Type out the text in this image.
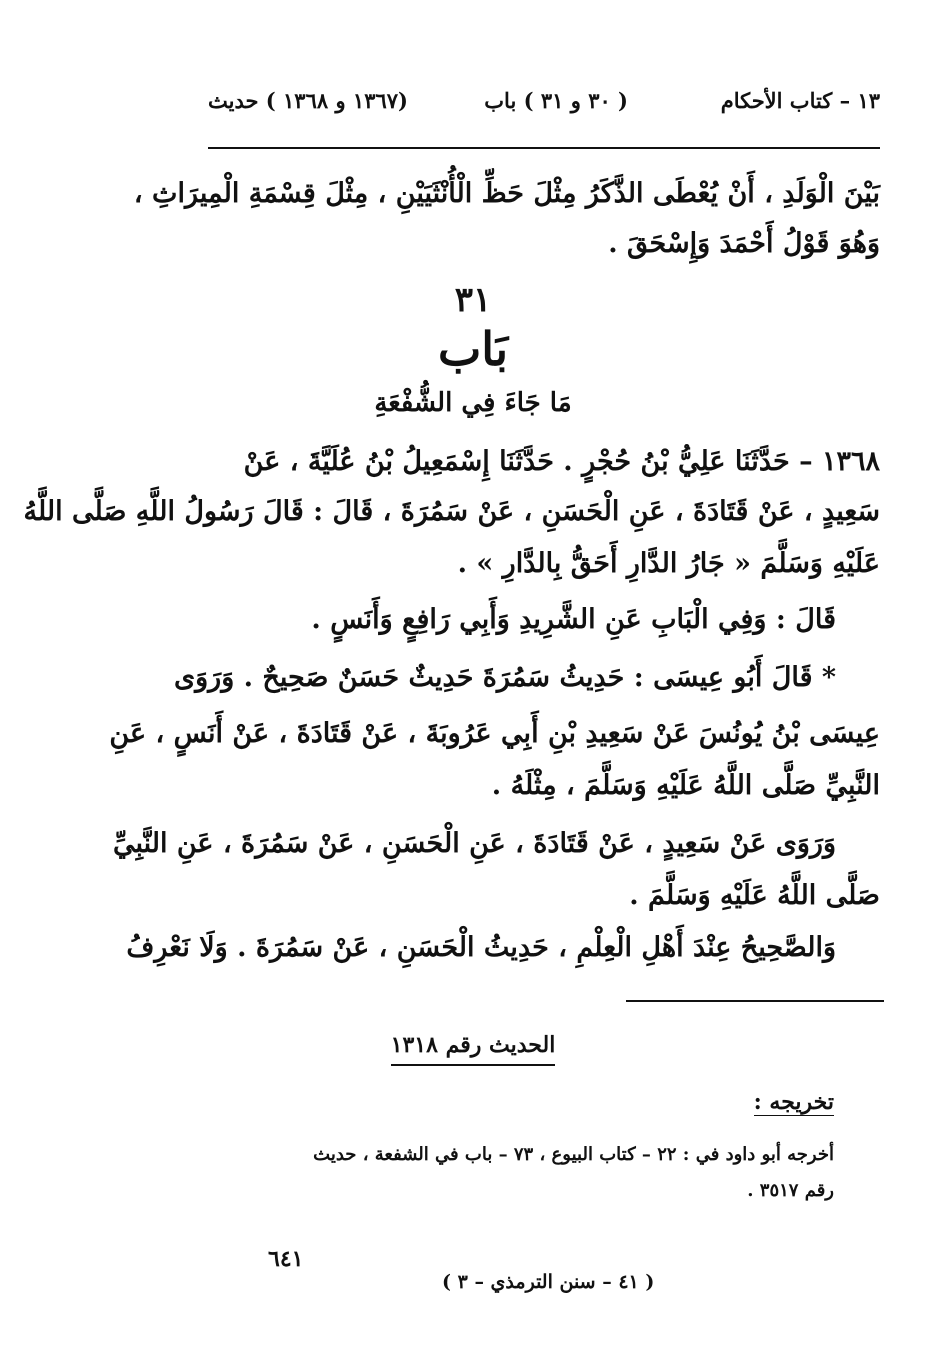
١٣ – كتاب الأحكام
( ٣٠ و ٣١ ) باب
(١٣٦٧ و ١٣٦٨ ) حديث
بَيْنَ الْوَلَدِ ، أَنْ يُعْطَى الذَّكَرُ مِثْلَ حَظِّ الْأُنْثَيَيْنِ ، مِثْلَ قِسْمَةِ الْمِيرَاثِ ،
وَهُوَ قَوْلُ أَحْمَدَ وَإِسْحَقَ .
٣١
بَاب
مَا جَاءَ فِي الشُّفْعَةِ
١٣٦٨ – حَدَّثَنَا عَلِيُّ بْنُ حُجْرٍ . حَدَّثَنَا إِسْمَعِيلُ بْنُ عُلَيَّةَ ، عَنْ
سَعِيدٍ ، عَنْ قَتَادَةَ ، عَنِ الْحَسَنِ ، عَنْ سَمُرَةَ ، قَالَ : قَالَ رَسُولُ اللَّهِ صَلَّى اللَّهُ
عَلَيْهِ وَسَلَّمَ « جَارُ الدَّارِ أَحَقُّ بِالدَّارِ » .
قَالَ : وَفِي الْبَابِ عَنِ الشَّرِيدِ وَأَبِي رَافِعٍ وَأَنَسٍ .
* قَالَ أَبُو عِيسَى : حَدِيثُ سَمُرَةَ حَدِيثٌ حَسَنٌ صَحِيحٌ . وَرَوَى
عِيسَى بْنُ يُونُسَ عَنْ سَعِيدِ بْنِ أَبِي عَرُوبَةَ ، عَنْ قَتَادَةَ ، عَنْ أَنَسٍ ، عَنِ
النَّبِيِّ صَلَّى اللَّهُ عَلَيْهِ وَسَلَّمَ ، مِثْلَهُ .
وَرَوَى عَنْ سَعِيدٍ ، عَنْ قَتَادَةَ ، عَنِ الْحَسَنِ ، عَنْ سَمُرَةَ ، عَنِ النَّبِيِّ
صَلَّى اللَّهُ عَلَيْهِ وَسَلَّمَ .
وَالصَّحِيحُ عِنْدَ أَهْلِ الْعِلْمِ ، حَدِيثُ الْحَسَنِ ، عَنْ سَمُرَةَ . وَلَا نَعْرِفُ
الحديث رقم ١٣١٨
تخريجه :
أخرجه أبو داود في : ٢٢ – كتاب البيوع ، ٧٣ – باب في الشفعة ، حديث
رقم ٣٥١٧ .
٦٤١
( ٤١ – سنن الترمذي – ٣ )
